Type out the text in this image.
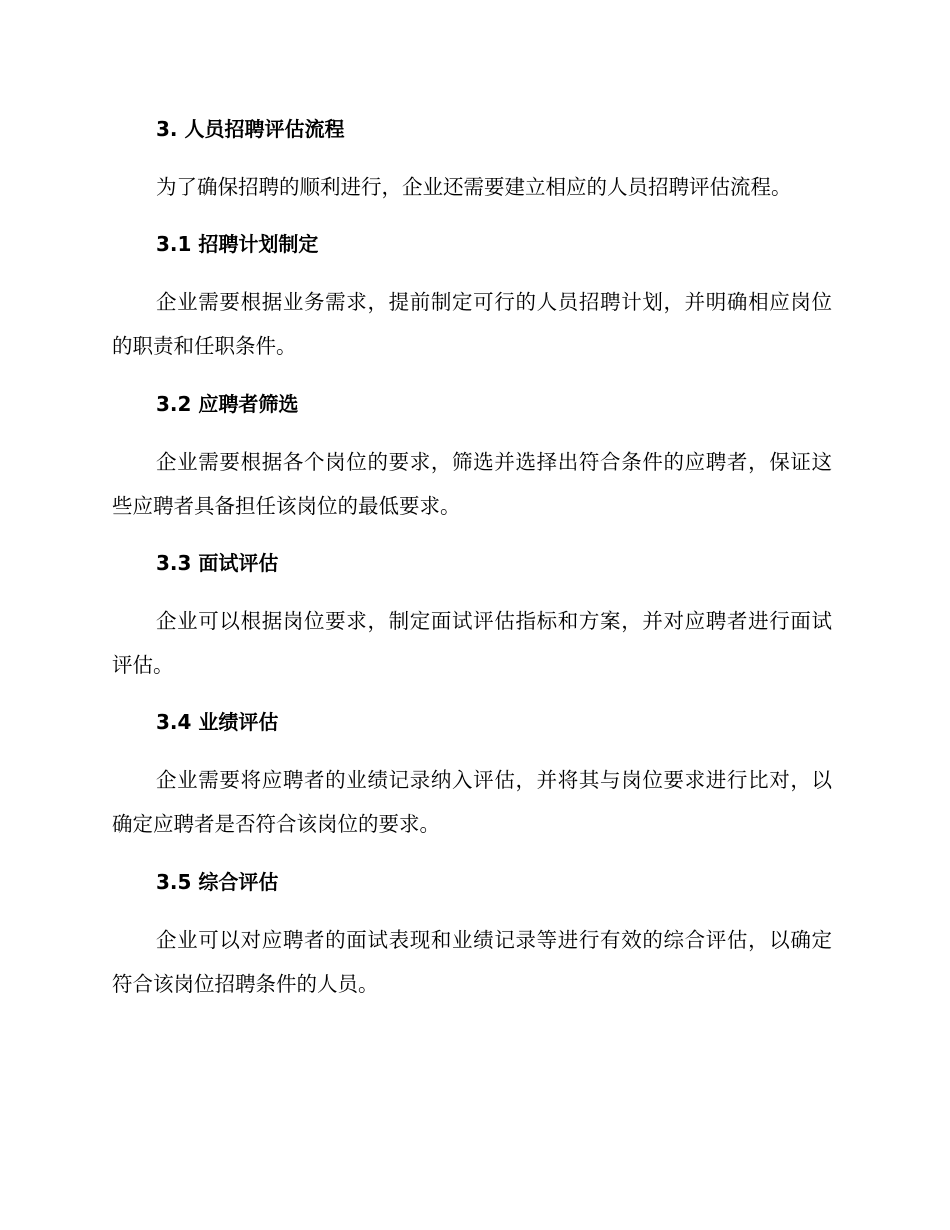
3. 人员招聘评估流程
为了确保招聘的顺利进行，企业还需要建立相应的人员招聘评估流程。
3.1 招聘计划制定
企业需要根据业务需求，提前制定可行的人员招聘计划，并明确相应岗位的职责和任职条件。
3.2 应聘者筛选
企业需要根据各个岗位的要求，筛选并选择出符合条件的应聘者，保证这些应聘者具备担任该岗位的最低要求。
3.3 面试评估
企业可以根据岗位要求，制定面试评估指标和方案，并对应聘者进行面试评估。
3.4 业绩评估
企业需要将应聘者的业绩记录纳入评估，并将其与岗位要求进行比对，以确定应聘者是否符合该岗位的要求。
3.5 综合评估
企业可以对应聘者的面试表现和业绩记录等进行有效的综合评估，以确定符合该岗位招聘条件的人员。
